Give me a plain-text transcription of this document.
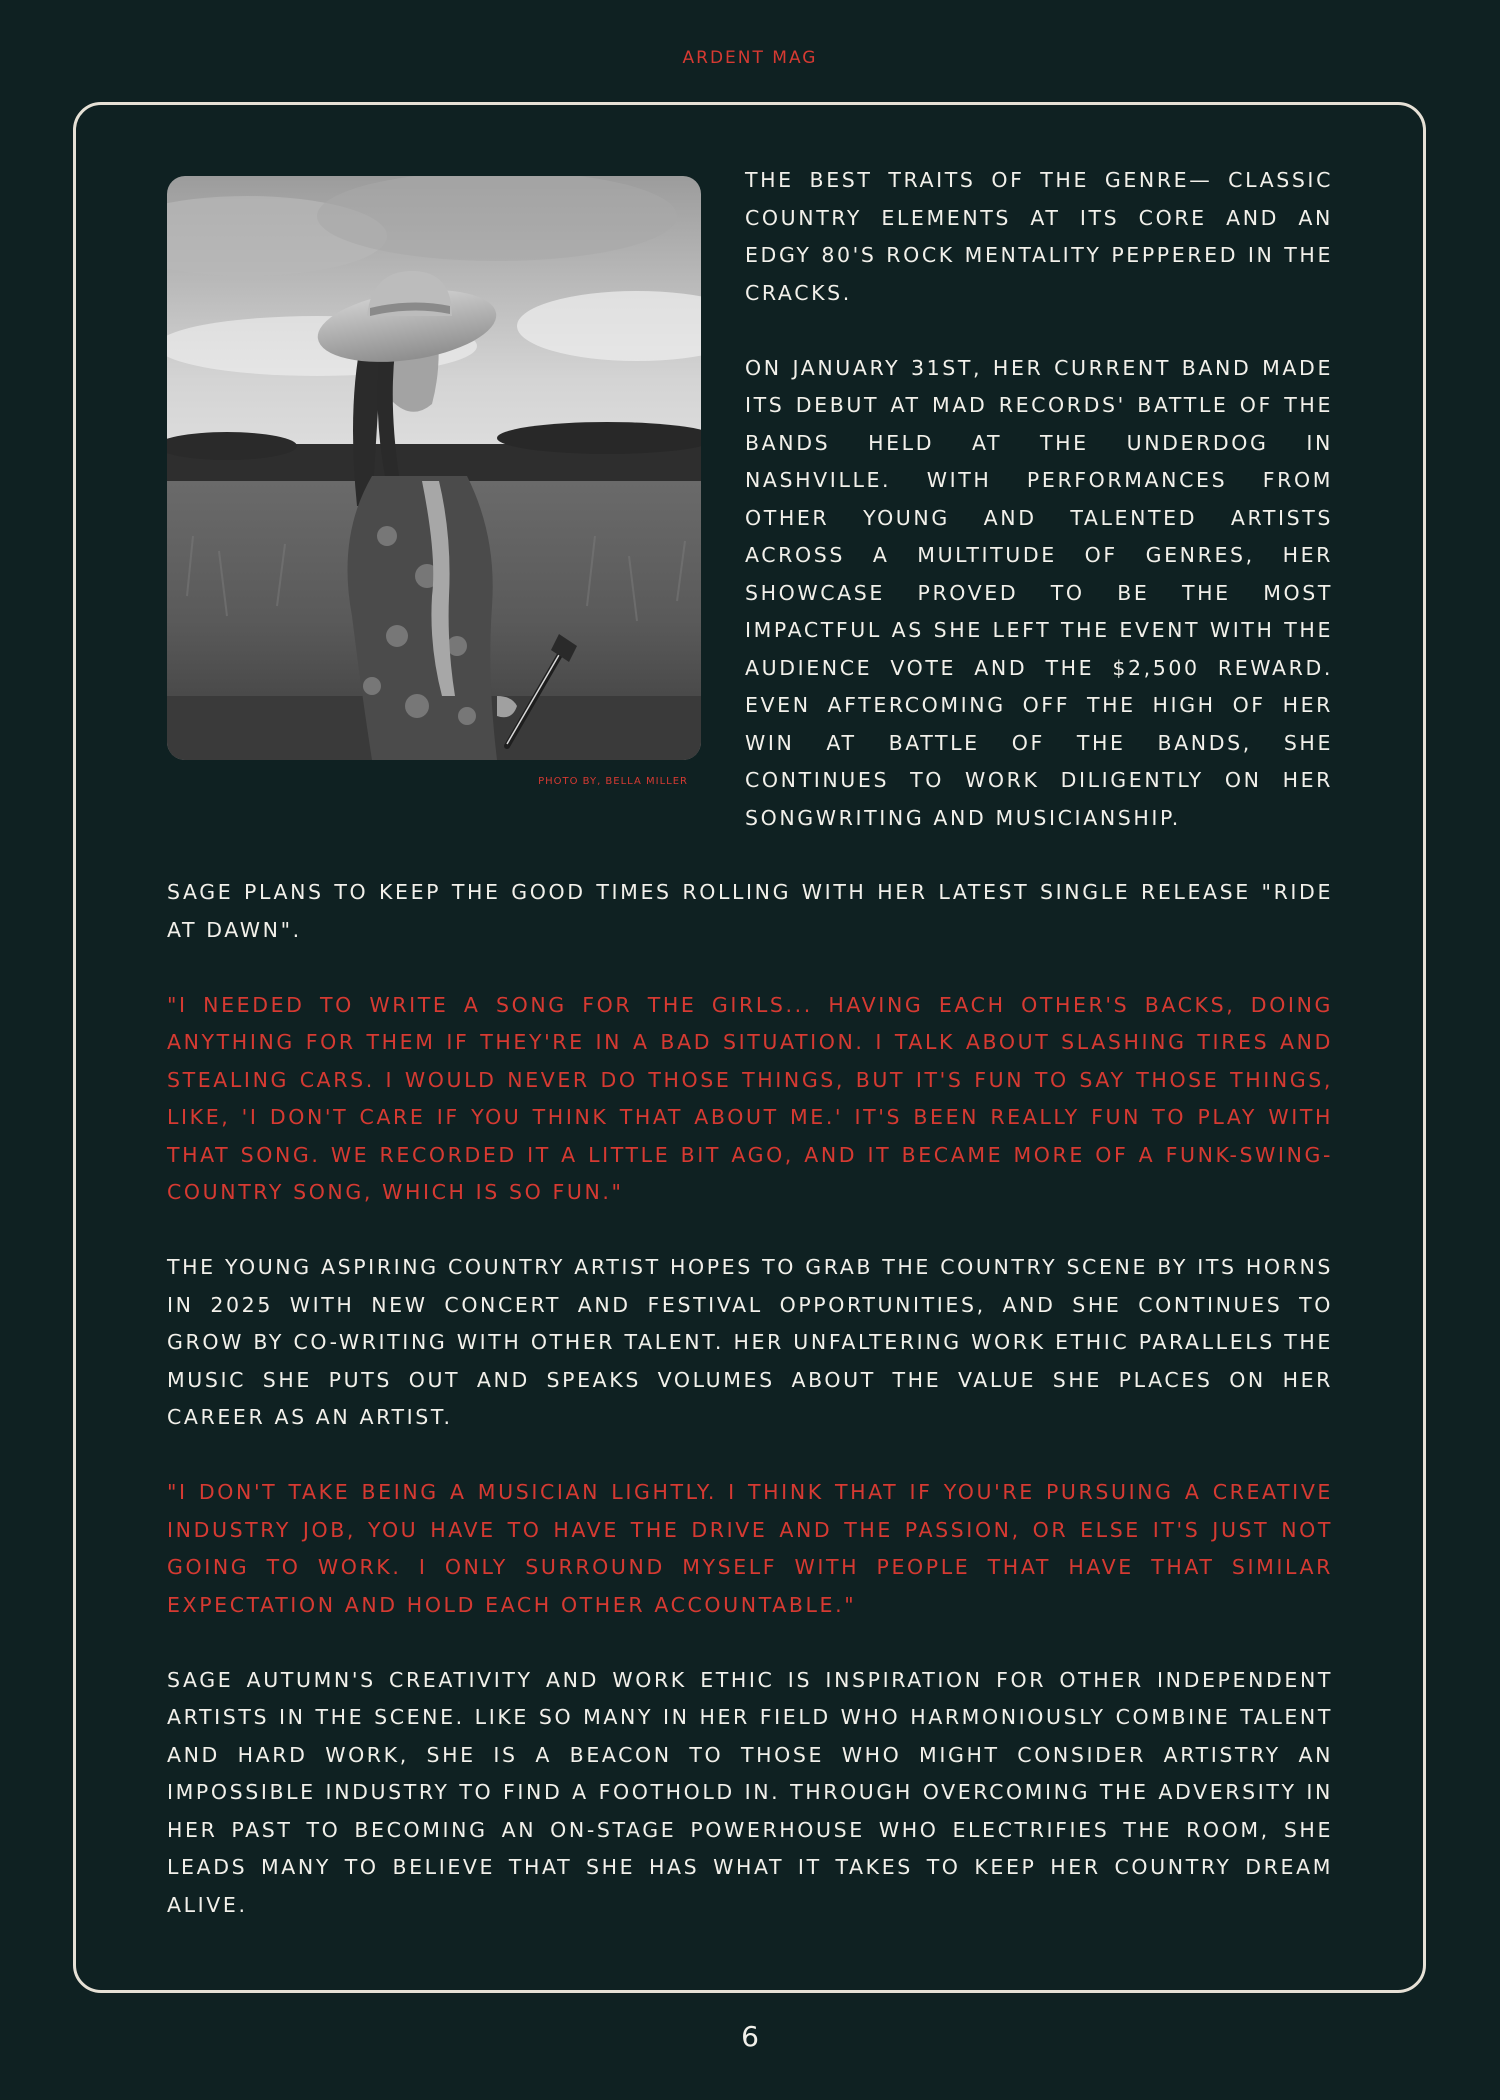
ARDENT MAG
PHOTO BY, BELLA MILLER

THE BEST TRAITS OF THE GENRE— CLASSIC COUNTRY ELEMENTS AT ITS CORE AND AN EDGY 80'S ROCK MENTALITY PEPPERED IN THE CRACKS.

ON JANUARY 31ST, HER CURRENT BAND MADE ITS DEBUT AT MAD RECORDS' BATTLE OF THE BANDS HELD AT THE UNDERDOG IN NASHVILLE. WITH PERFORMANCES FROM OTHER YOUNG AND TALENTED ARTISTS ACROSS A MULTITUDE OF GENRES, HER SHOWCASE PROVED TO BE THE MOST IMPACTFUL AS SHE LEFT THE EVENT WITH THE AUDIENCE VOTE AND THE $2,500 REWARD. EVEN AFTERCOMING OFF THE HIGH OF HER WIN AT BATTLE OF THE BANDS, SHE CONTINUES TO WORK DILIGENTLY ON HER SONGWRITING AND MUSICIANSHIP.

SAGE PLANS TO KEEP THE GOOD TIMES ROLLING WITH HER LATEST SINGLE RELEASE "RIDE AT DAWN".

"I NEEDED TO WRITE A SONG FOR THE GIRLS... HAVING EACH OTHER'S BACKS, DOING ANYTHING FOR THEM IF THEY'RE IN A BAD SITUATION. I TALK ABOUT SLASHING TIRES AND STEALING CARS. I WOULD NEVER DO THOSE THINGS, BUT IT'S FUN TO SAY THOSE THINGS, LIKE, 'I DON'T CARE IF YOU THINK THAT ABOUT ME.' IT'S BEEN REALLY FUN TO PLAY WITH THAT SONG. WE RECORDED IT A LITTLE BIT AGO, AND IT BECAME MORE OF A FUNK-SWING-COUNTRY SONG, WHICH IS SO FUN."

THE YOUNG ASPIRING COUNTRY ARTIST HOPES TO GRAB THE COUNTRY SCENE BY ITS HORNS IN 2025 WITH NEW CONCERT AND FESTIVAL OPPORTUNITIES, AND SHE CONTINUES TO GROW BY CO-WRITING WITH OTHER TALENT. HER UNFALTERING WORK ETHIC PARALLELS THE MUSIC SHE PUTS OUT AND SPEAKS VOLUMES ABOUT THE VALUE SHE PLACES ON HER CAREER AS AN ARTIST.

"I DON'T TAKE BEING A MUSICIAN LIGHTLY. I THINK THAT IF YOU'RE PURSUING A CREATIVE INDUSTRY JOB, YOU HAVE TO HAVE THE DRIVE AND THE PASSION, OR ELSE IT'S JUST NOT GOING TO WORK. I ONLY SURROUND MYSELF WITH PEOPLE THAT HAVE THAT SIMILAR EXPECTATION AND HOLD EACH OTHER ACCOUNTABLE."

SAGE AUTUMN'S CREATIVITY AND WORK ETHIC IS INSPIRATION FOR OTHER INDEPENDENT ARTISTS IN THE SCENE. LIKE SO MANY IN HER FIELD WHO HARMONIOUSLY COMBINE TALENT AND HARD WORK, SHE IS A BEACON TO THOSE WHO MIGHT CONSIDER ARTISTRY AN IMPOSSIBLE INDUSTRY TO FIND A FOOTHOLD IN. THROUGH OVERCOMING THE ADVERSITY IN HER PAST TO BECOMING AN ON-STAGE POWERHOUSE WHO ELECTRIFIES THE ROOM, SHE LEADS MANY TO BELIEVE THAT SHE HAS WHAT IT TAKES TO KEEP HER COUNTRY DREAM ALIVE.

6
